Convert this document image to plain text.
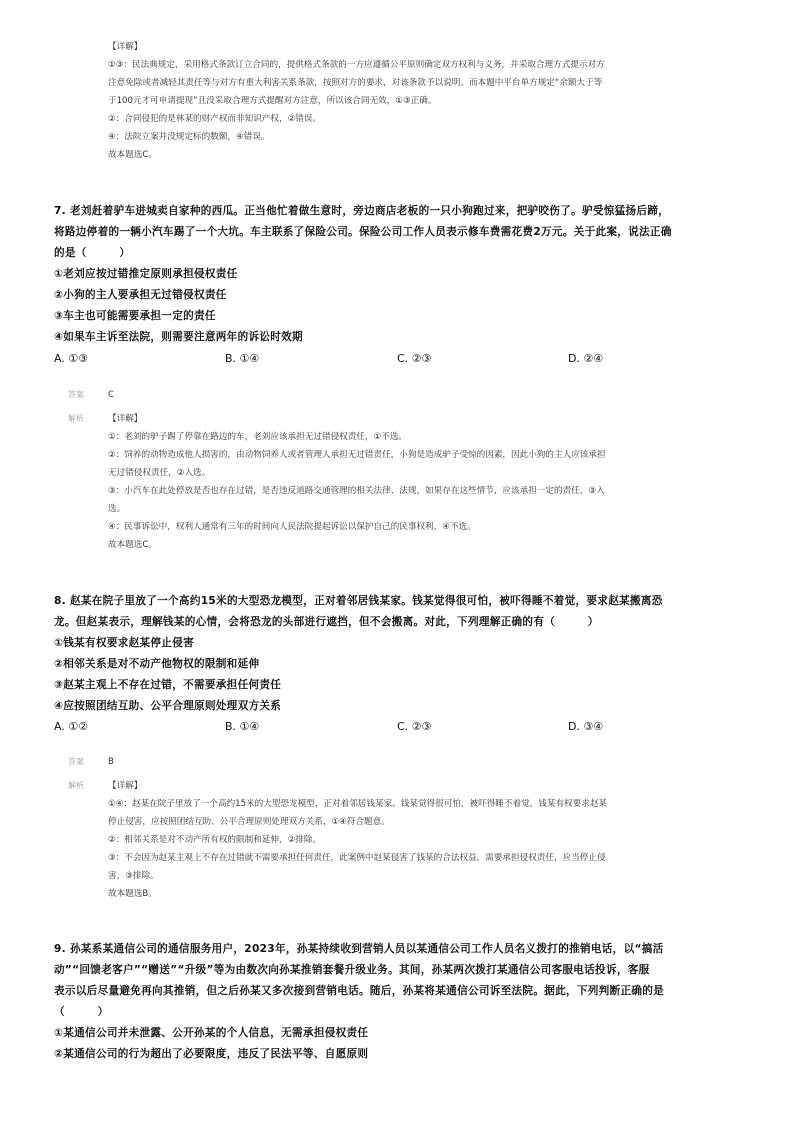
【详解】
①③：民法典规定，采用格式条款订立合同的，提供格式条款的一方应遵循公平原则确定双方权利与义务，并采取合理方式提示对方
注意免除或者减轻其责任等与对方有重大利害关系条款，按照对方的要求，对该条款予以说明。而本题中平台单方规定“余额大于等
于100元才可申请提现”且没采取合理方式提醒对方注意，所以该合同无效，①③正确。
②：合同侵犯的是林某的财产权而非知识产权，②错误。
④：法院立案并没规定标的数额，④错误。
故本题选C。
7. 老刘赶着驴车进城卖自家种的西瓜。正当他忙着做生意时，旁边商店老板的一只小狗跑过来，把驴咬伤了。驴受惊猛扬后蹄，
将路边停着的一辆小汽车踢了一个大坑。车主联系了保险公司。保险公司工作人员表示修车费需花费2万元。关于此案，说法正确
的是（　　　）
①老刘应按过错推定原则承担侵权责任
②小狗的主人要承担无过错侵权责任
③车主也可能需要承担一定的责任
④如果车主诉至法院，则需要注意两年的诉讼时效期
A. ①③	B. ①④	C. ②③	D. ②④
答案	C
解析	【详解】
①：老刘的驴子踢了停靠在路边的车，老刘应该承担无过错侵权责任，①不选。
②：饲养的动物造成他人损害的，由动物饲养人或者管理人承担无过错责任，小狗是造成驴子受惊的因素，因此小狗的主人应该承担
无过错侵权责任，②入选。
③：小汽车在此处停放是否也存在过错，是否违反道路交通管理的相关法律、法规，如果存在这些情节，应该承担一定的责任，③入
选。
④：民事诉讼中，权利人通常有三年的时间向人民法院提起诉讼以保护自己的民事权利，④不选。
故本题选C。
8. 赵某在院子里放了一个高约15米的大型恐龙模型，正对着邻居钱某家。钱某觉得很可怕，被吓得睡不着觉，要求赵某搬离恐
龙。但赵某表示，理解钱某的心情，会将恐龙的头部进行遮挡，但不会搬离。对此，下列理解正确的有（　　　）
①钱某有权要求赵某停止侵害
②相邻关系是对不动产他物权的限制和延伸
③赵某主观上不存在过错，不需要承担任何责任
④应按照团结互助、公平合理原则处理双方关系
A. ①②	B. ①④	C. ②③	D. ③④
答案	B
解析	【详解】
①④：赵某在院子里放了一个高约15米的大型恐龙模型，正对着邻居钱某家。钱某觉得很可怕，被吓得睡不着觉，钱某有权要求赵某
停止侵害，应按照团结互助、公平合理原则处理双方关系，①④符合题意。
②：相邻关系是对不动产所有权的限制和延伸，②排除。
③：不会因为赵某主观上不存在过错就不需要承担任何责任，此案例中赵某侵害了钱某的合法权益，需要承担侵权责任，应当停止侵
害，③排除。
故本题选B。
9. 孙某系某通信公司的通信服务用户，2023年，孙某持续收到营销人员以某通信公司工作人员名义拨打的推销电话，以“搞活
动”“回馈老客户”“赠送”“升级”等为由数次向孙某推销套餐升级业务。其间，孙某两次拨打某通信公司客服电话投诉，客服
表示以后尽量避免再向其推销，但之后孙某又多次接到营销电话。随后，孙某将某通信公司诉至法院。据此，下列判断正确的是
（　　　）
①某通信公司并未泄露、公开孙某的个人信息，无需承担侵权责任
②某通信公司的行为超出了必要限度，违反了民法平等、自愿原则
